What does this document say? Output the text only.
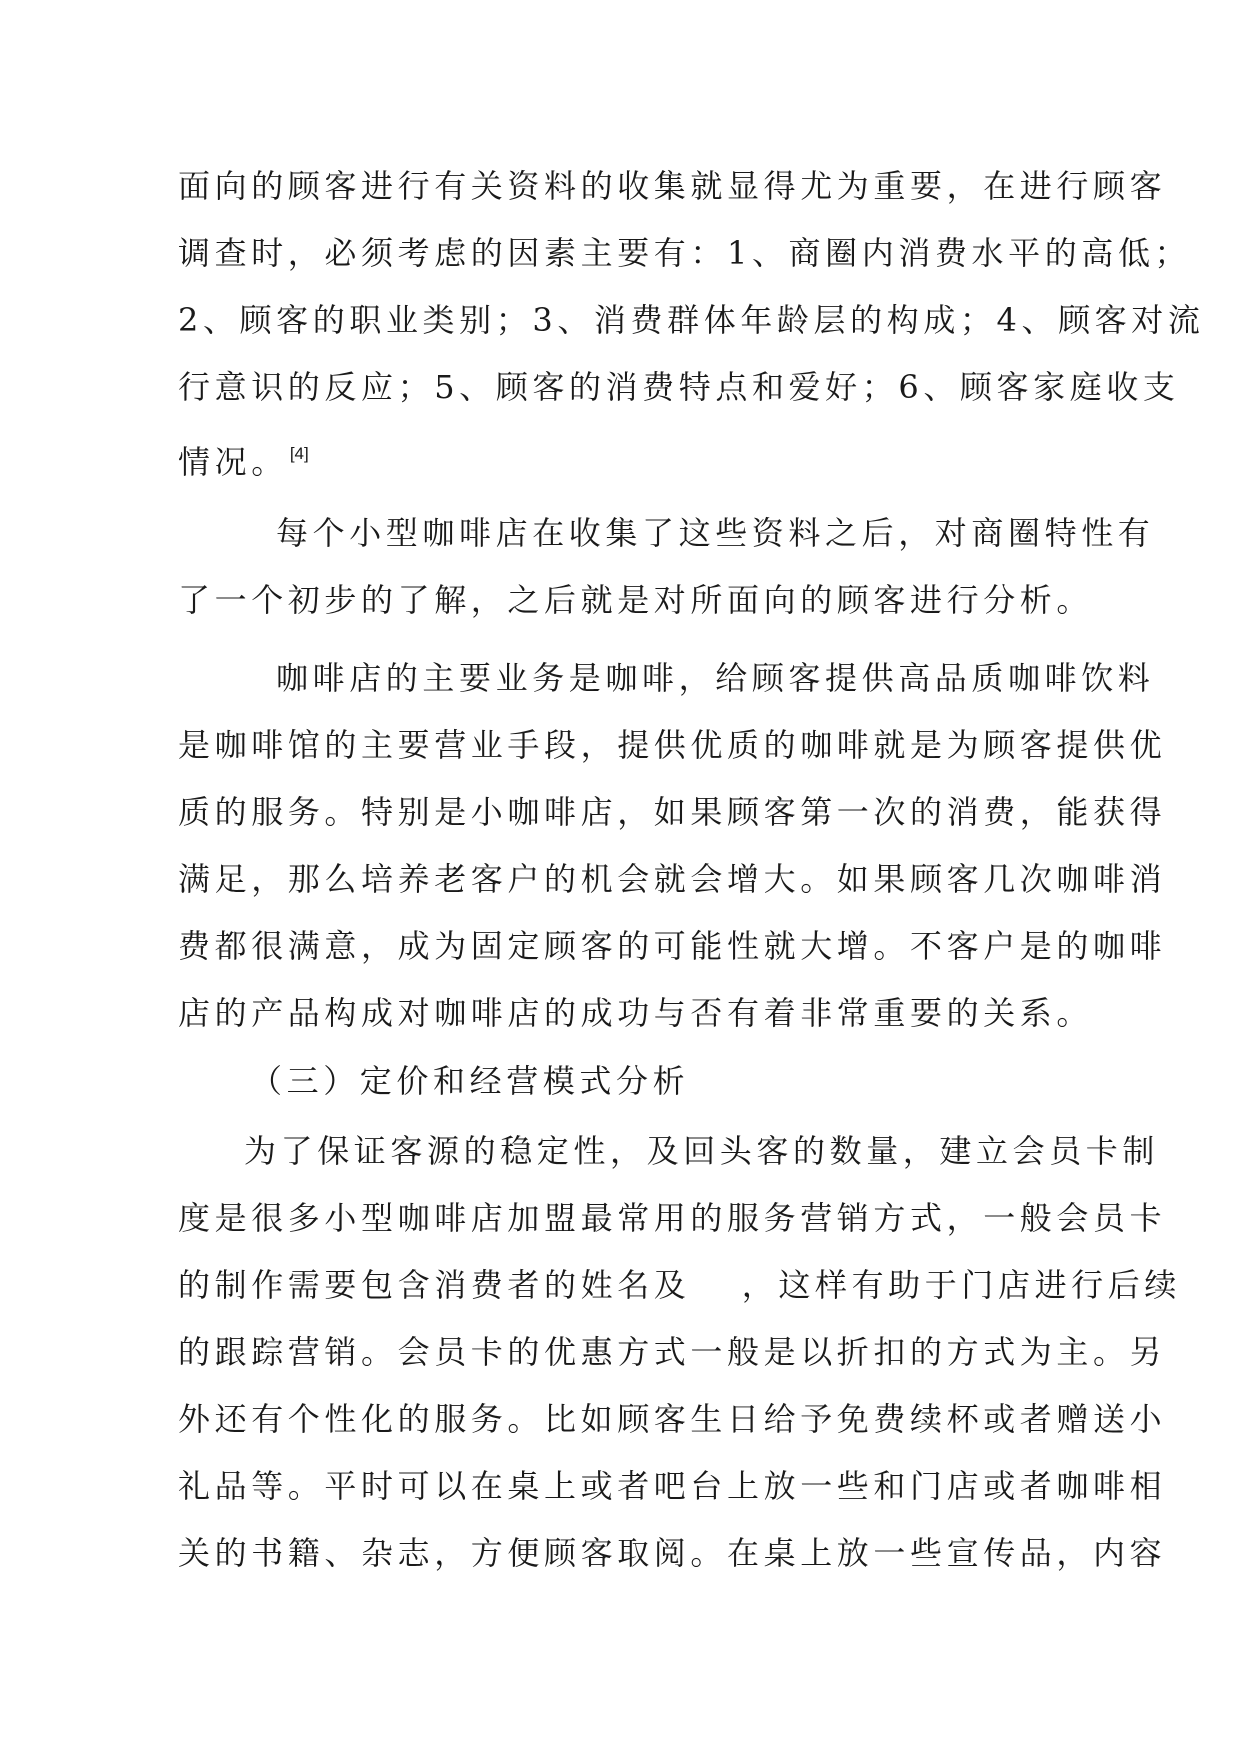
面向的顾客进行有关资料的收集就显得尤为重要，在进行顾客
调查时，必须考虑的因素主要有：1、商圈内消费水平的高低；
2、顾客的职业类别；3、消费群体年龄层的构成；4、顾客对流
行意识的反应；5、顾客的消费特点和爱好；6、顾客家庭收支
情况。 [4]
每个小型咖啡店在收集了这些资料之后，对商圈特性有
了一个初步的了解，之后就是对所面向的顾客进行分析。
咖啡店的主要业务是咖啡，给顾客提供高品质咖啡饮料
是咖啡馆的主要营业手段，提供优质的咖啡就是为顾客提供优
质的服务。特别是小咖啡店，如果顾客第一次的消费，能获得
满足，那么培养老客户的机会就会增大。如果顾客几次咖啡消
费都很满意，成为固定顾客的可能性就大增。不客户是的咖啡
店的产品构成对咖啡店的成功与否有着非常重要的关系。
（三）定价和经营模式分析
为了保证客源的稳定性，及回头客的数量，建立会员卡制
度是很多小型咖啡店加盟最常用的服务营销方式，一般会员卡
的制作需要包含消费者的姓名及　 ，这样有助于门店进行后续
的跟踪营销。会员卡的优惠方式一般是以折扣的方式为主。另
外还有个性化的服务。比如顾客生日给予免费续杯或者赠送小
礼品等。平时可以在桌上或者吧台上放一些和门店或者咖啡相
关的书籍、杂志，方便顾客取阅。在桌上放一些宣传品，内容
